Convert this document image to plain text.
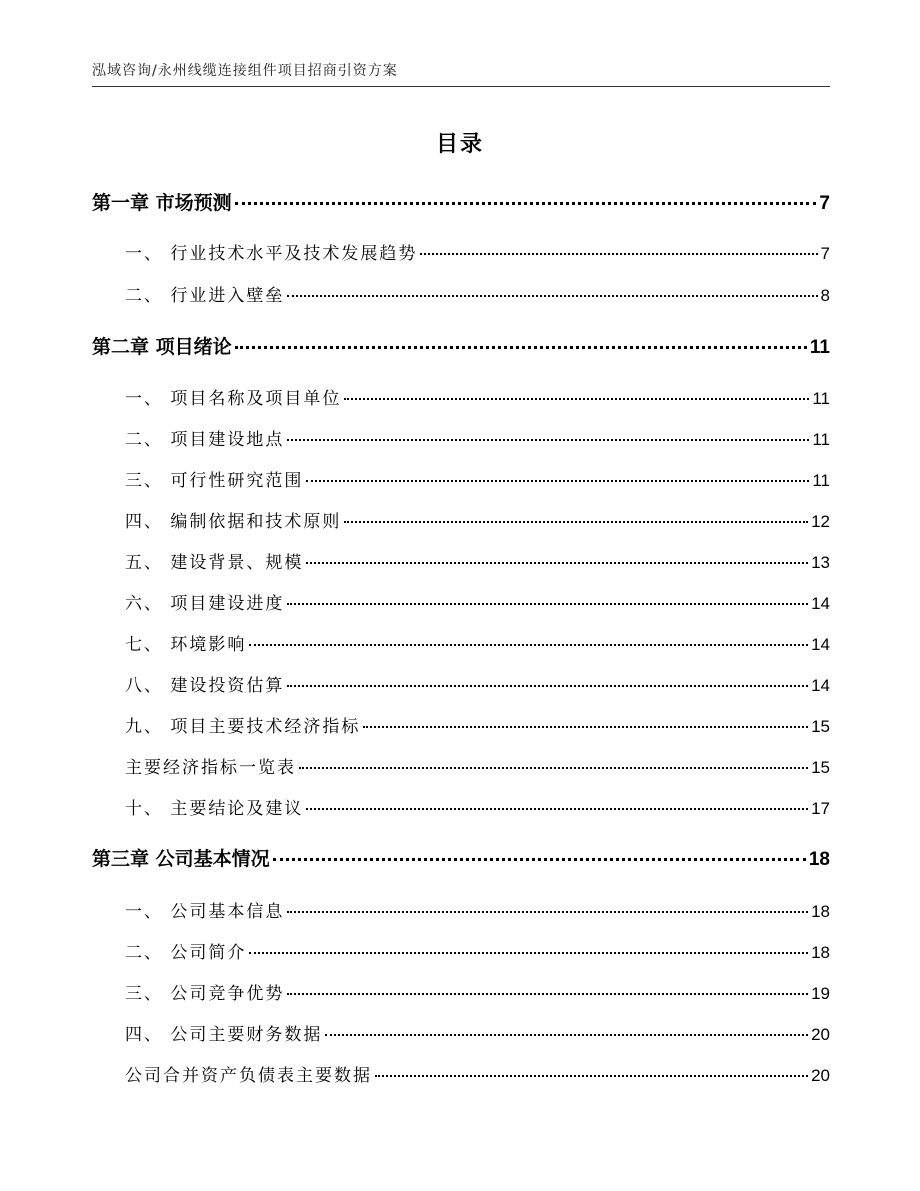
泓域咨询/永州线缆连接组件项目招商引资方案
目录
第一章 市场预测	7
一、 行业技术水平及技术发展趋势	7
二、 行业进入壁垒	8
第二章 项目绪论	11
一、 项目名称及项目单位	11
二、 项目建设地点	11
三、 可行性研究范围	11
四、 编制依据和技术原则	12
五、 建设背景、规模	13
六、 项目建设进度	14
七、 环境影响	14
八、 建设投资估算	14
九、 项目主要技术经济指标	15
主要经济指标一览表	15
十、 主要结论及建议	17
第三章 公司基本情况	18
一、 公司基本信息	18
二、 公司简介	18
三、 公司竞争优势	19
四、 公司主要财务数据	20
公司合并资产负债表主要数据	20
